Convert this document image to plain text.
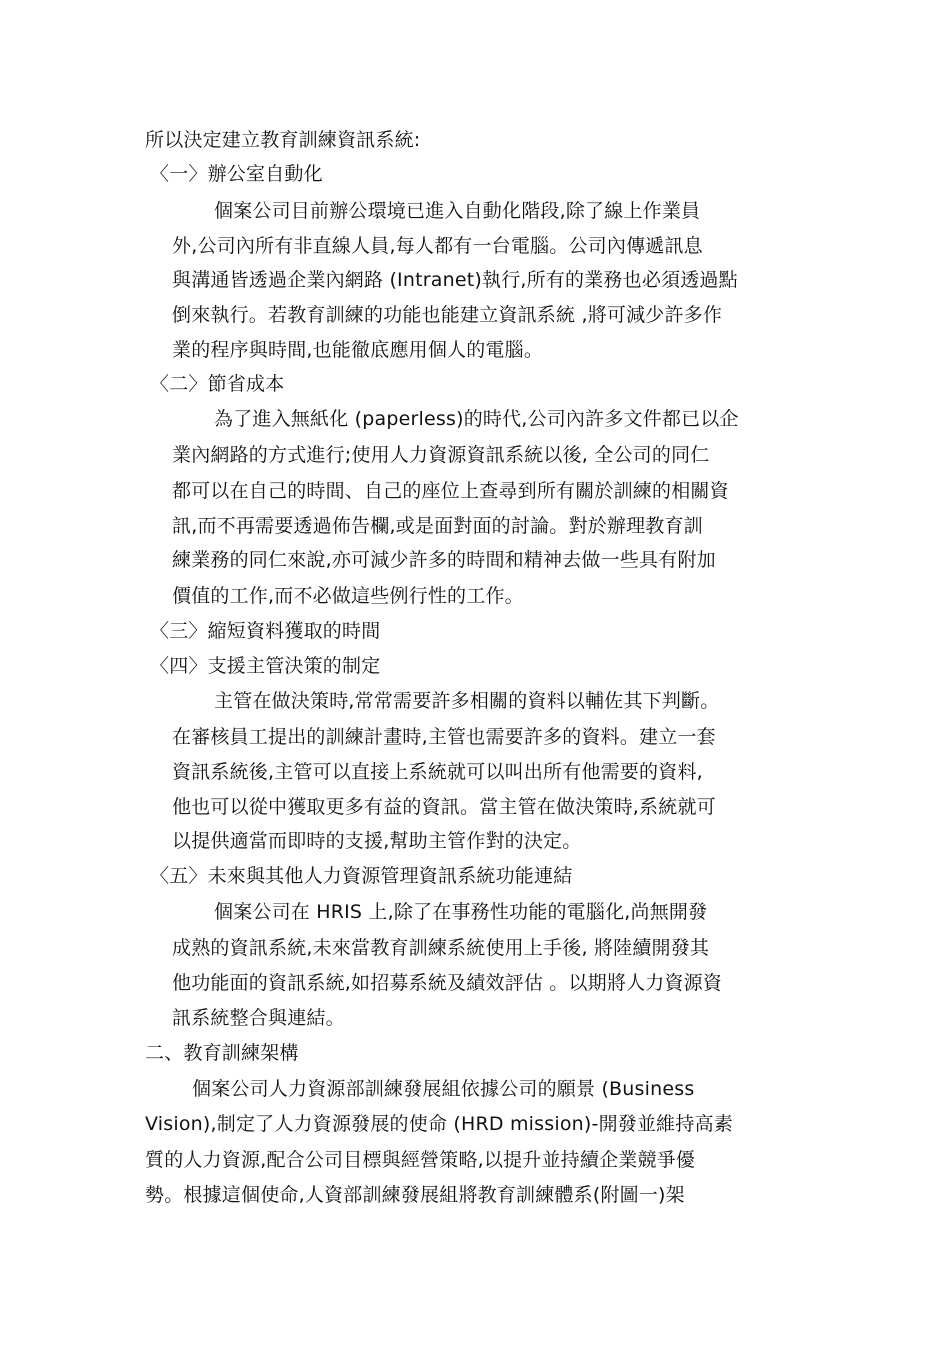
所以決定建立教育訓練資訊系統:
〈一〉辦公室自動化
個案公司目前辦公環境已進入自動化階段,除了線上作業員
外,公司內所有非直線人員,每人都有一台電腦。公司內傳遞訊息
與溝通皆透過企業內網路 (Intranet)執行,所有的業務也必須透過點
倒來執行。若教育訓練的功能也能建立資訊系統 ,將可減少許多作
業的程序與時間,也能徹底應用個人的電腦。
〈二〉節省成本
為了進入無紙化 (paperless)的時代,公司內許多文件都已以企
業內網路的方式進行;使用人力資源資訊系統以後, 全公司的同仁
都可以在自己的時間、自己的座位上查尋到所有關於訓練的相關資
訊,而不再需要透過佈告欄,或是面對面的討論。對於辦理教育訓
練業務的同仁來說,亦可減少許多的時間和精神去做一些具有附加
價值的工作,而不必做這些例行性的工作。
〈三〉縮短資料獲取的時間
〈四〉支援主管決策的制定
主管在做決策時,常常需要許多相關的資料以輔佐其下判斷。
在審核員工提出的訓練計畫時,主管也需要許多的資料。建立一套
資訊系統後,主管可以直接上系統就可以叫出所有他需要的資料,
他也可以從中獲取更多有益的資訊。當主管在做決策時,系統就可
以提供適當而即時的支援,幫助主管作對的決定。
〈五〉未來與其他人力資源管理資訊系統功能連結
個案公司在 HRIS 上,除了在事務性功能的電腦化,尚無開發
成熟的資訊系統,未來當教育訓練系統使用上手後, 將陸續開發其
他功能面的資訊系統,如招募系統及績效評估 。以期將人力資源資
訊系統整合與連結。
二、教育訓練架構
個案公司人力資源部訓練發展組依據公司的願景 (Business
Vision),制定了人力資源發展的使命 (HRD mission)-開發並維持高素
質的人力資源,配合公司目標與經營策略,以提升並持續企業競爭優
勢。根據這個使命,人資部訓練發展組將教育訓練體系(附圖一)架
